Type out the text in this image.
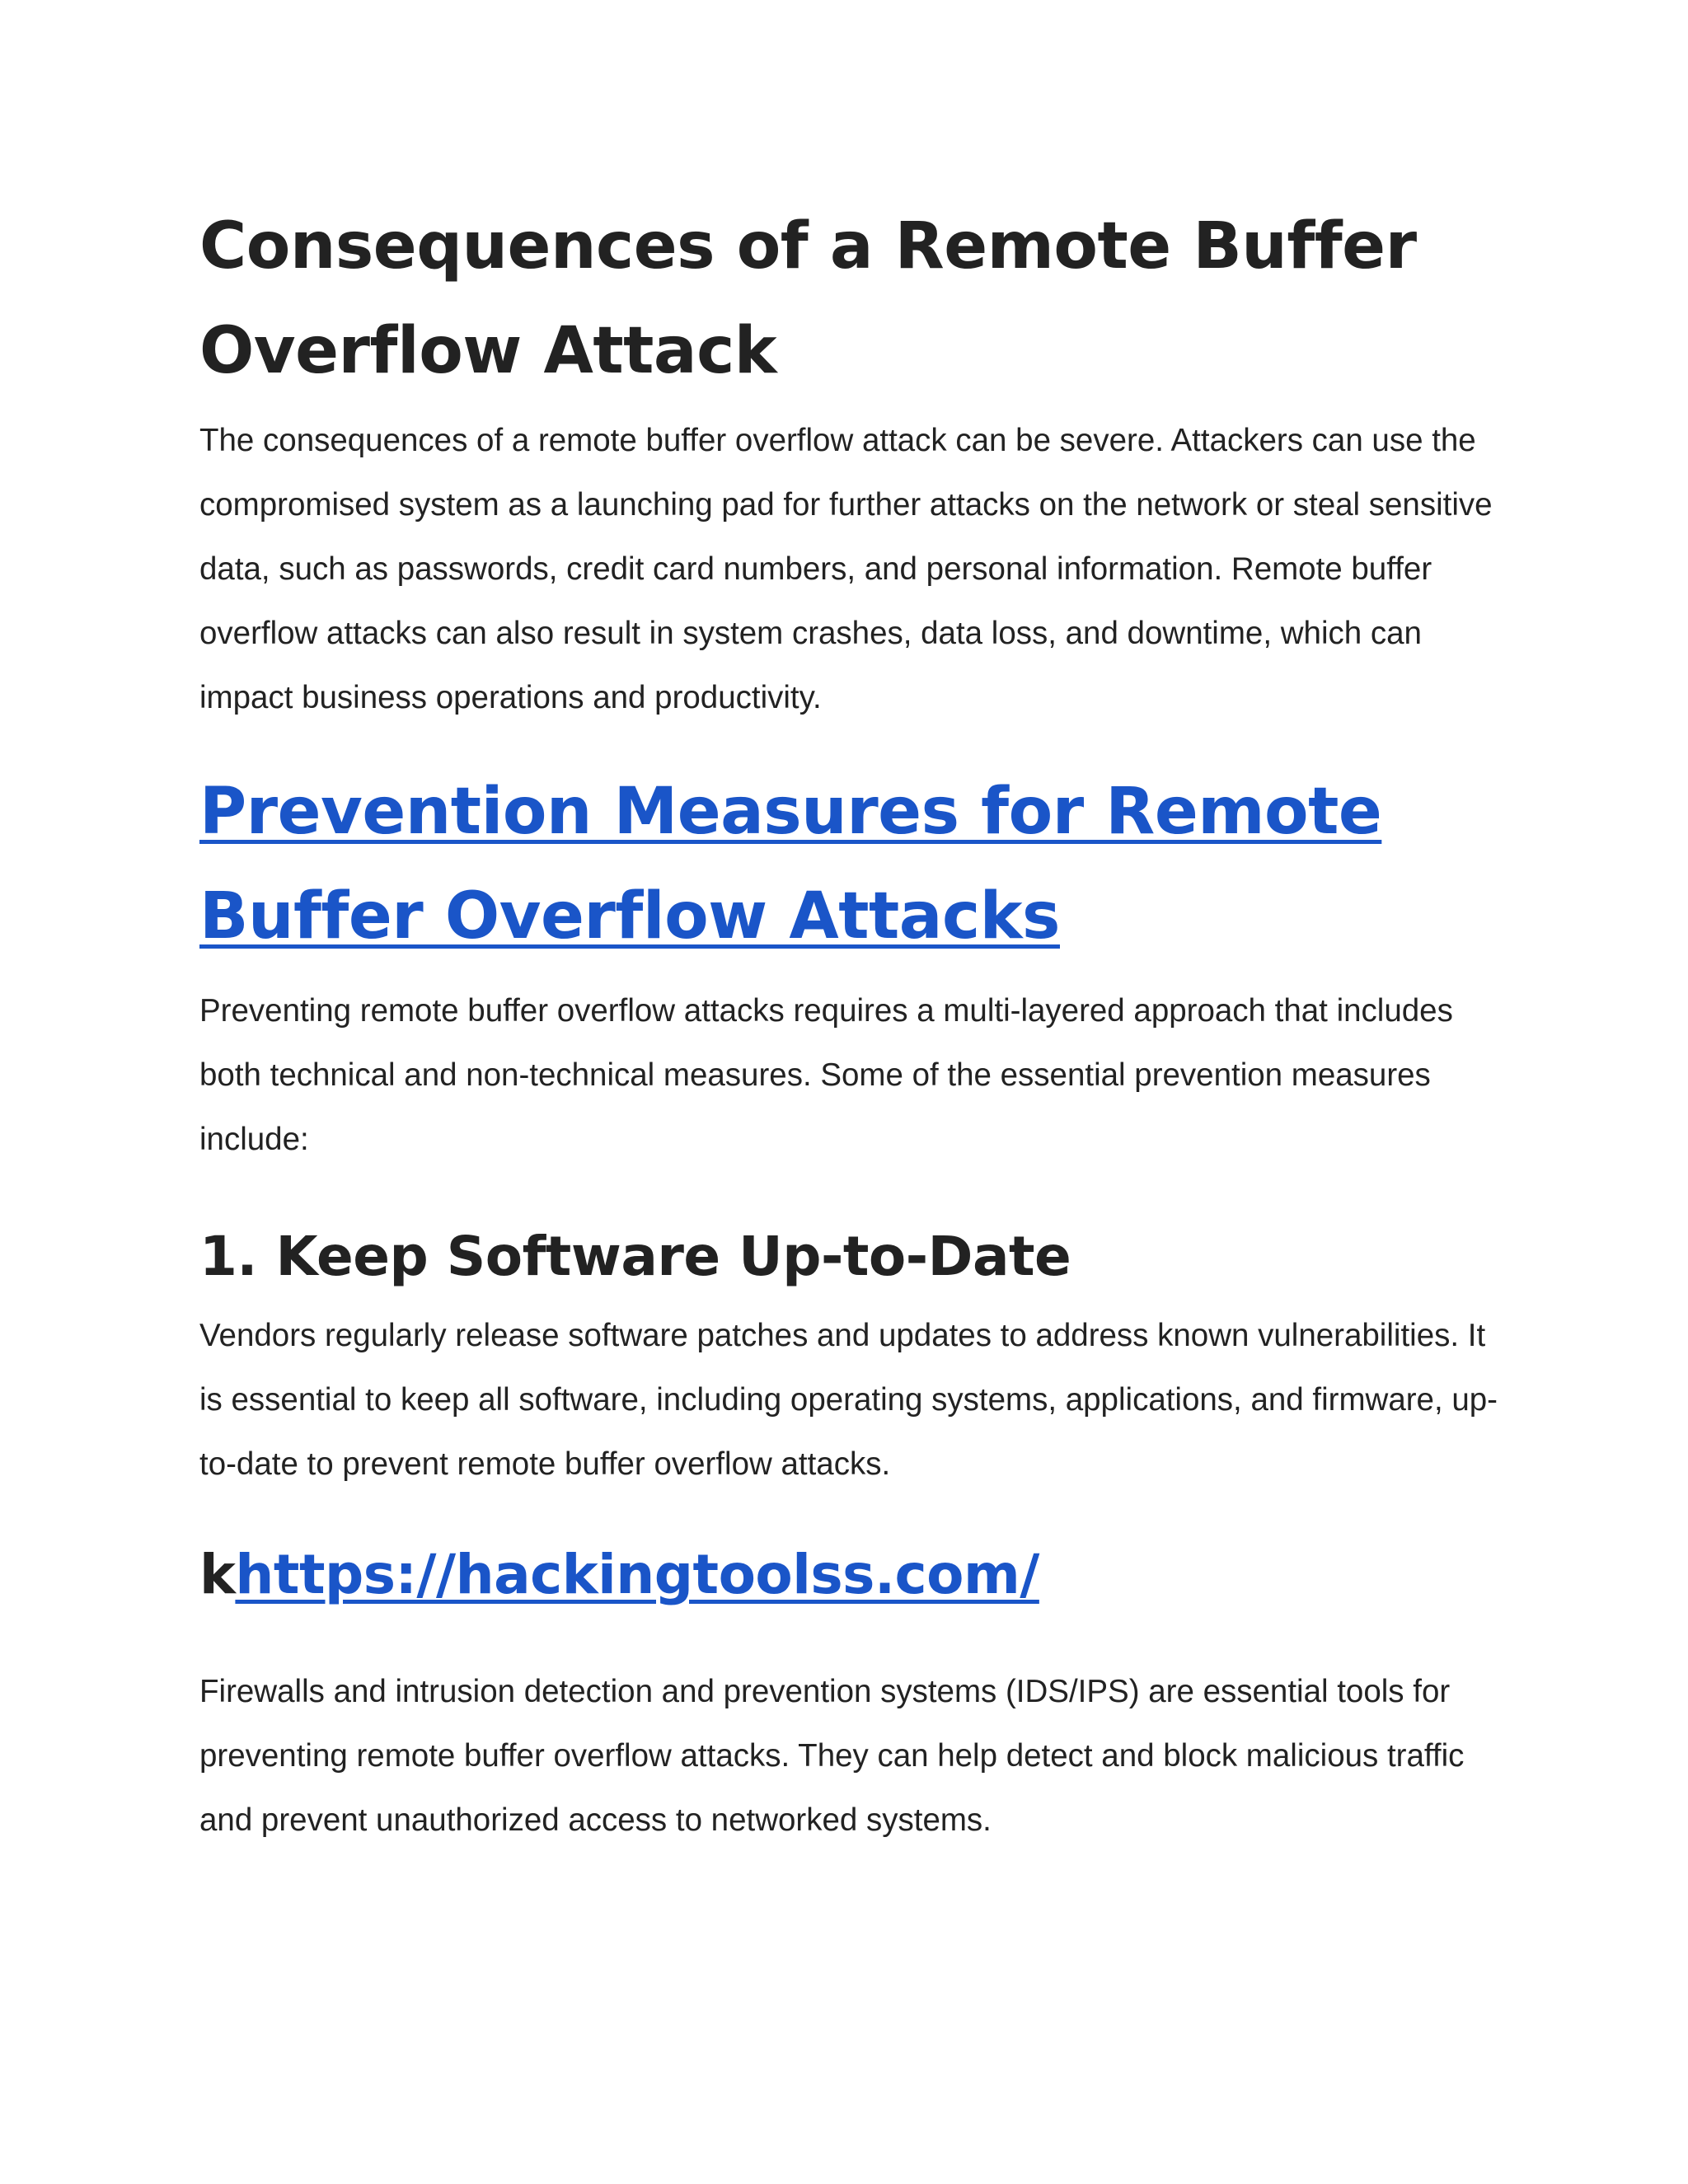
Consequences of a Remote Buffer
Overflow Attack

The consequences of a remote buffer overflow attack can be severe. Attackers can use the compromised system as a launching pad for further attacks on the network or steal sensitive data, such as passwords, credit card numbers, and personal information. Remote buffer overflow attacks can also result in system crashes, data loss, and downtime, which can impact business operations and productivity.

Prevention Measures for Remote
Buffer Overflow Attacks

Preventing remote buffer overflow attacks requires a multi-layered approach that includes both technical and non-technical measures. Some of the essential prevention measures include:

1. Keep Software Up-to-Date

Vendors regularly release software patches and updates to address known vulnerabilities. It is essential to keep all software, including operating systems, applications, and firmware, up-to-date to prevent remote buffer overflow attacks.

khttps://hackingtoolss.com/

Firewalls and intrusion detection and prevention systems (IDS/IPS) are essential tools for preventing remote buffer overflow attacks. They can help detect and block malicious traffic and prevent unauthorized access to networked systems.
